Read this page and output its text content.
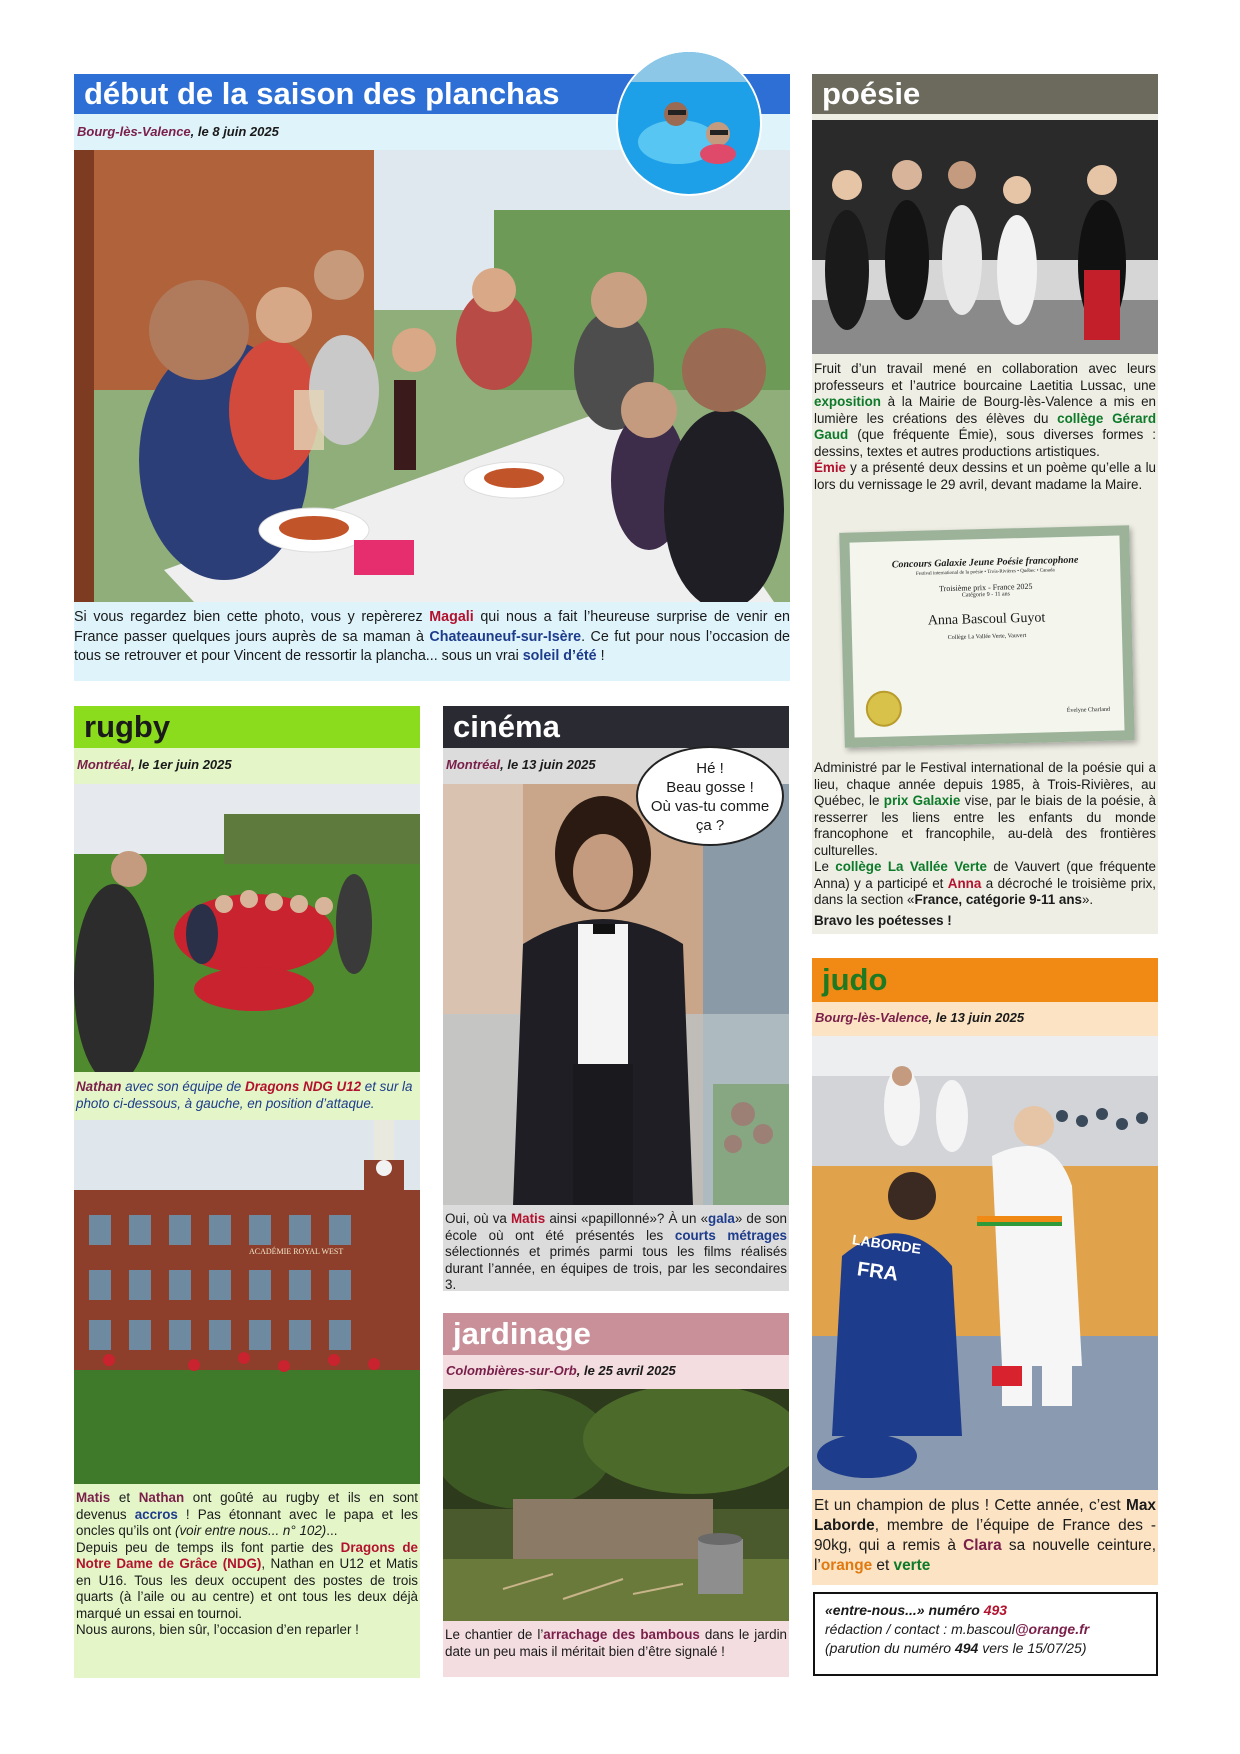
début de la saison des planchas
Bourg-lès-Valence, le 8 juin 2025
Si vous regardez bien cette photo, vous y repèrerez Magali qui nous a fait l’heureuse surprise de venir en France passer quelques jours auprès de sa maman à Chateauneuf-sur-Isère. Ce fut pour nous l’occasion de tous se retrouver et pour Vincent de ressortir la plancha... sous un vrai soleil d’été !
poésie

Fruit d’un travail mené en collaboration avec leurs professeurs et l’autrice bourcaine Laetitia Lussac, une exposition à la Mairie de Bourg-lès-Valence a mis en lumière les créations des élèves du collège Gérard Gaud (que fréquente Émie), sous diverses formes : dessins, textes et autres productions artistiques.

Émie y a présenté deux dessins et un poème qu’elle a lu lors du vernissage le 29 avril, devant madame la Maire.

Concours Galaxie Jeune Poésie francophone
Festival international de la poésie • Trois-Rivières • Québec • Canada
Troisième prix - France 2025
Catégorie 9 - 11 ans
Anna Bascoul Guyot
Collège La Vallée Verte, Vauvert
Évelyne Charland

Administré par le Festival international de la poésie qui a lieu, chaque année depuis 1985, à Trois-Rivières, au Québec, le prix Galaxie vise, par le biais de la poésie, à resserrer les liens entre les enfants du monde francophone et francophile, au-delà des frontières culturelles.

Le collège La Vallée Verte de Vauvert (que fréquente Anna) y a participé et Anna a décroché le troisième prix, dans la section «France, catégorie 9-11 ans».

Bravo les poétesses !

rugby
Montréal, le 1er juin 2025
Nathan avec son équipe de Dragons NDG U12 et sur la photo ci-dessous, à gauche, en position d’attaque.
ACADÉMIE ROYAL WEST

Matis et Nathan ont goûté au rugby et ils en sont devenus accros ! Pas étonnant avec le papa et les oncles qu’ils ont (voir entre nous... n° 102)...

Depuis peu de temps ils font partie des Dragons de Notre Dame de Grâce (NDG), Nathan en U12 et Matis en U16. Tous les deux occupent des postes de trois quarts (à l’aile ou au centre) et ont tous les deux déjà marqué un essai en tournoi.

Nous aurons, bien sûr, l’occasion d’en reparler !

cinéma
Montréal, le 13 juin 2025	Hé !
Beau gosse !
Où vas-tu comme
ça ?
Oui, où va Matis ainsi «papillonné»? À un «gala» de son école où ont été présentés les courts métrages sélectionnés et primés parmi tous les films réalisés durant l’année, en équipes de trois, par les secondaires 3.
jardinage
Colombières-sur-Orb, le 25 avril 2025
Le chantier de l’arrachage des bambous dans le jardin date un peu mais il méritait bien d’être signalé !
judo
Bourg-lès-Valence, le 13 juin 2025
LABORDE
FRA
Et un champion de plus ! Cette année, c’est Max Laborde, membre de l’équipe de France des - 90kg, qui a remis à Clara sa nouvelle ceinture, l’orange et verte
«entre-nous...» numéro 493
rédaction / contact : m.bascoul@orange.fr
(parution du numéro 494 vers le 15/07/25)
